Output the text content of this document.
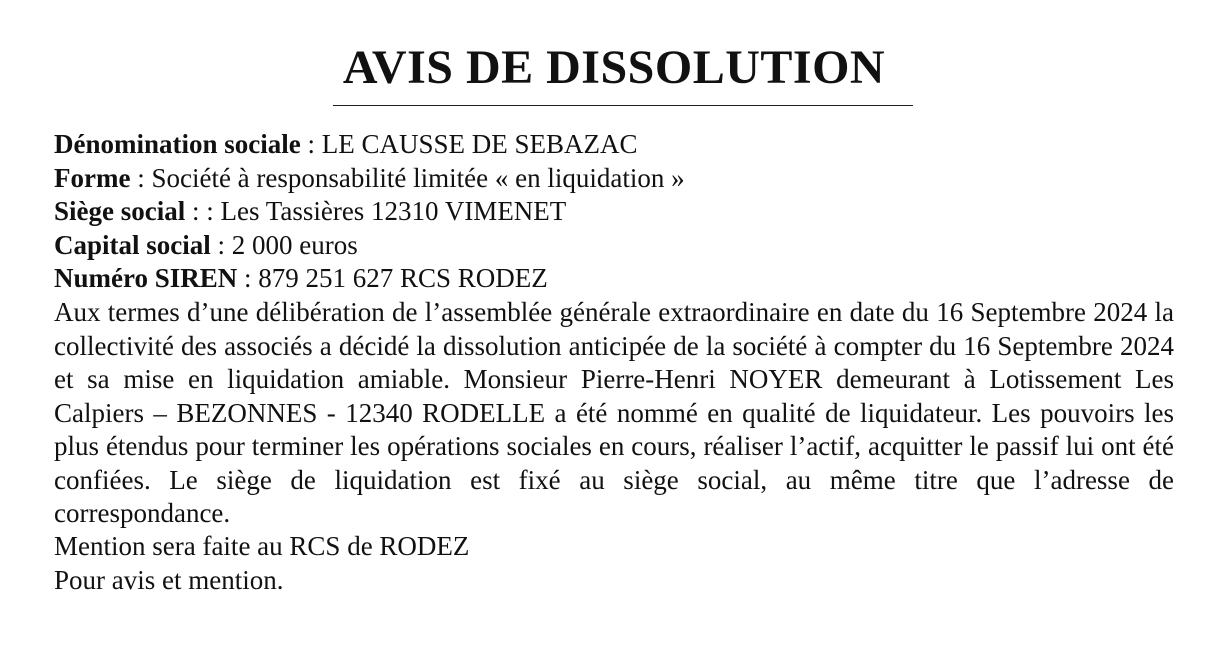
AVIS DE DISSOLUTION
Dénomination sociale : LE CAUSSE DE SEBAZAC
Forme : Société à responsabilité limitée « en liquidation »
Siège social : : Les Tassières 12310 VIMENET
Capital social : 2 000 euros
Numéro SIREN : 879 251 627 RCS RODEZ
Aux termes d’une délibération de l’assemblée générale extraordinaire en date du 16 Septembre 2024 la collectivité des associés a décidé la dissolution anticipée de la société à compter du 16 Septembre 2024 et sa mise en liquidation amiable. Monsieur Pierre-Henri NOYER demeurant à Lotissement Les Calpiers – BEZONNES - 12340 RODELLE a été nommé en qualité de liquidateur. Les pouvoirs les plus étendus pour terminer les opérations sociales en cours, réaliser l’actif, acquitter le passif lui ont été confiées. Le siège de liquidation est fixé au siège social, au même titre que l’adresse de correspondance.
Mention sera faite au RCS de RODEZ
Pour avis et mention.
